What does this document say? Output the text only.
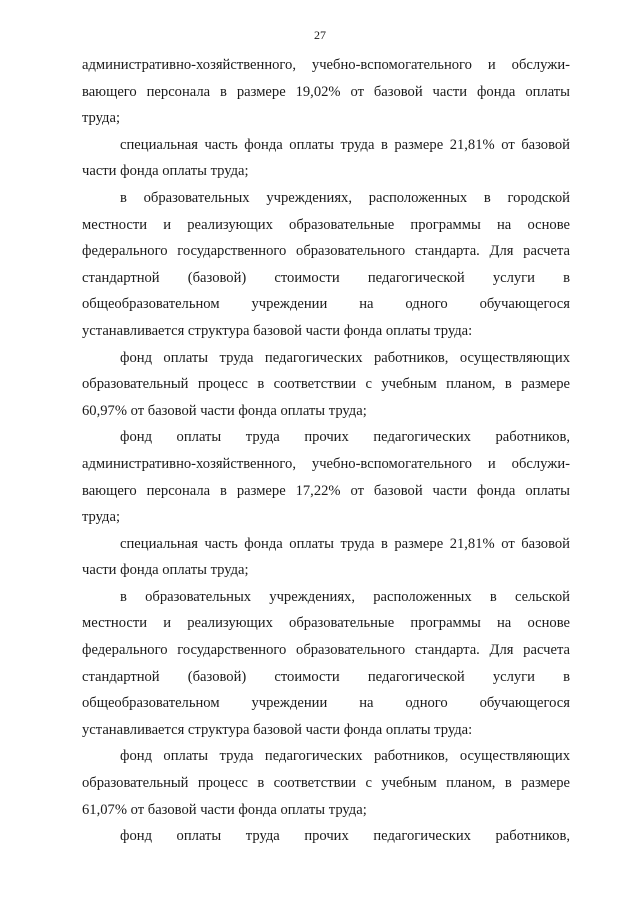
27
административно-хозяйственного, учебно-вспомогательного и обслужи-
вающего персонала в размере 19,02% от базовой части фонда оплаты
труда;
специальная часть фонда оплаты труда в размере 21,81% от базовой
части фонда оплаты труда;
в образовательных учреждениях, расположенных в городской
местности и реализующих образовательные программы на основе
федерального государственного образовательного стандарта. Для расчета
стандартной (базовой) стоимости педагогической услуги в
общеобразовательном учреждении на одного обучающегося
устанавливается структура базовой части фонда оплаты труда:
фонд оплаты труда педагогических работников, осуществляющих
образовательный процесс в соответствии с учебным планом, в размере
60,97% от базовой части фонда оплаты труда;
фонд оплаты труда прочих педагогических работников,
административно-хозяйственного, учебно-вспомогательного и обслужи-
вающего персонала в размере 17,22% от базовой части фонда оплаты
труда;
специальная часть фонда оплаты труда в размере 21,81% от базовой
части фонда оплаты труда;
в образовательных учреждениях, расположенных в сельской
местности и реализующих образовательные программы на основе
федерального государственного образовательного стандарта. Для расчета
стандартной (базовой) стоимости педагогической услуги в
общеобразовательном учреждении на одного обучающегося
устанавливается структура базовой части фонда оплаты труда:
фонд оплаты труда педагогических работников, осуществляющих
образовательный процесс в соответствии с учебным планом, в размере
61,07% от базовой части фонда оплаты труда;
фонд оплаты труда прочих педагогических работников,
